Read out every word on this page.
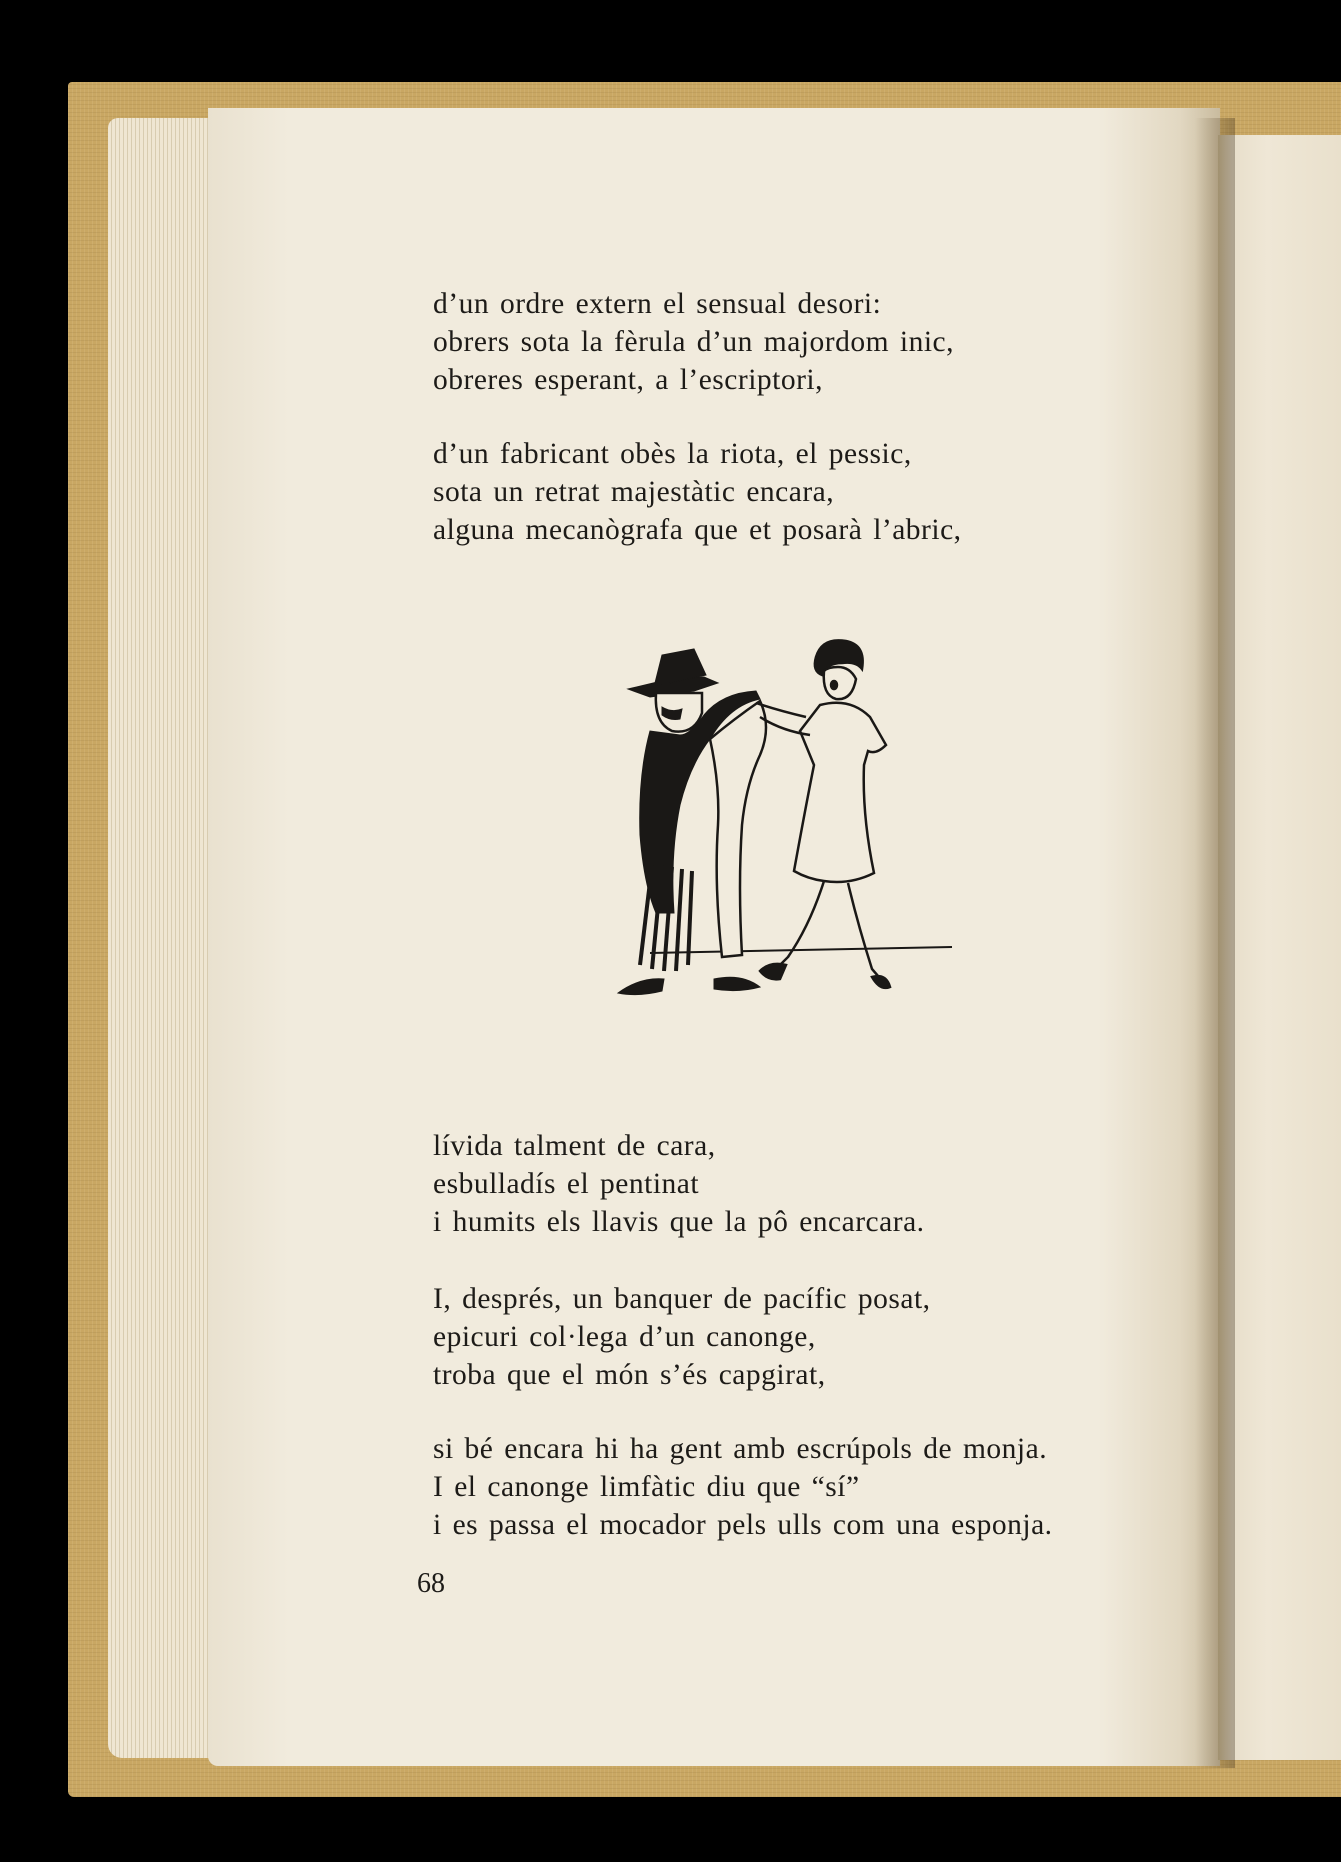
d’un ordre extern el sensual desori:
obrers sota la fèrula d’un majordom inic,
obreres esperant, a l’escriptori,
d’un fabricant obès la riota, el pessic,
sota un retrat majestàtic encara,
alguna mecanògrafa que et posarà l’abric,
lívida talment de cara,
esbulladís el pentinat
i humits els llavis que la pô encarcara.
I, després, un banquer de pacífic posat,
epicuri col·lega d’un canonge,
troba que el món s’és capgirat,
si bé encara hi ha gent amb escrúpols de monja.
I el canonge limfàtic diu que “sí”
i es passa el mocador pels ulls com una esponja.
68
